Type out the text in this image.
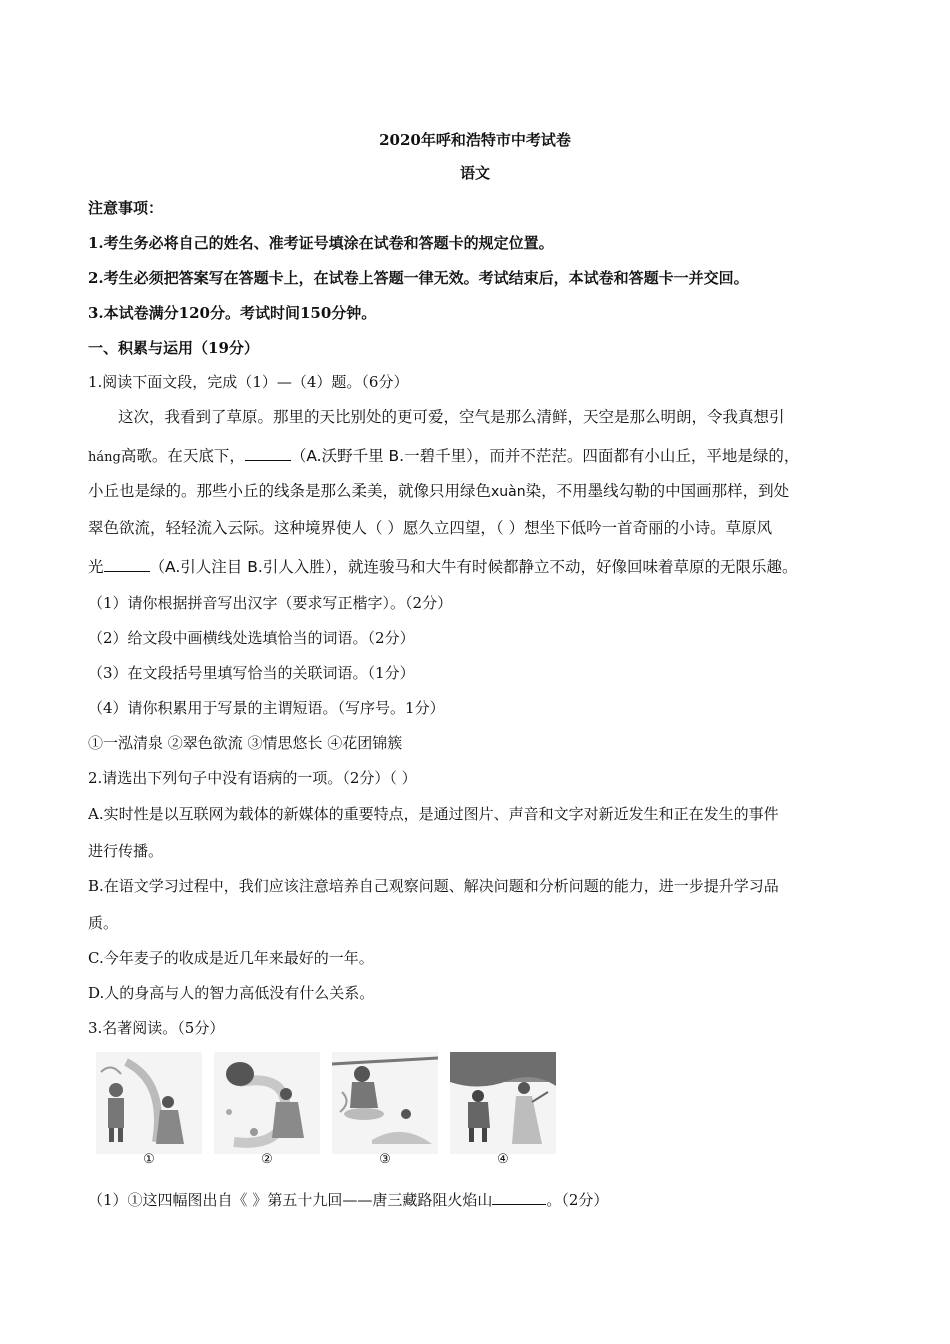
2020年呼和浩特市中考试卷
语文
注意事项：
1.考生务必将自己的姓名、准考证号填涂在试卷和答题卡的规定位置。
2.考生必须把答案写在答题卡上，在试卷上答题一律无效。考试结束后，本试卷和答题卡一并交回。
3.本试卷满分120分。考试时间150分钟。
一、积累与运用（19分）
1.阅读下面文段，完成（1）—（4）题。（6分）
这次，我看到了草原。那里的天比别处的更可爱，空气是那么清鲜，天空是那么明朗，令我真想引
háng高歌。在天底下，	（A.沃野千里 B.一碧千里），而并不茫茫。四面都有小山丘，平地是绿的，
小丘也是绿的。那些小丘的线条是那么柔美，就像只用绿色xuàn染，不用墨线勾勒的中国画那样，到处
翠色欲流，轻轻流入云际。这种境界使人（ ）愿久立四望，（ ）想坐下低吟一首奇丽的小诗。草原风
光	（A.引人注目 B.引人入胜），就连骏马和大牛有时候都静立不动，好像回味着草原的无限乐趣。
（1）请你根据拼音写出汉字（要求写正楷字）。（2分）
（2）给文段中画横线处选填恰当的词语。（2分）
（3）在文段括号里填写恰当的关联词语。（1分）
（4）请你积累用于写景的主谓短语。（写序号。1分）
①一泓清泉 ②翠色欲流 ③情思悠长 ④花团锦簇
2.请选出下列句子中没有语病的一项。（2分）（ ）
A.实时性是以互联网为载体的新媒体的重要特点，是通过图片、声音和文字对新近发生和正在发生的事件
进行传播。
B.在语文学习过程中，我们应该注意培养自己观察问题、解决问题和分析问题的能力，进一步提升学习品
质。
C.今年麦子的收成是近几年来最好的一年。
D.人的身高与人的智力高低没有什么关系。
3.名著阅读。（5分）
①	②	③	④
（1）①这四幅图出自《 》第五十九回——唐三藏路阻火焰山	。（2分）
